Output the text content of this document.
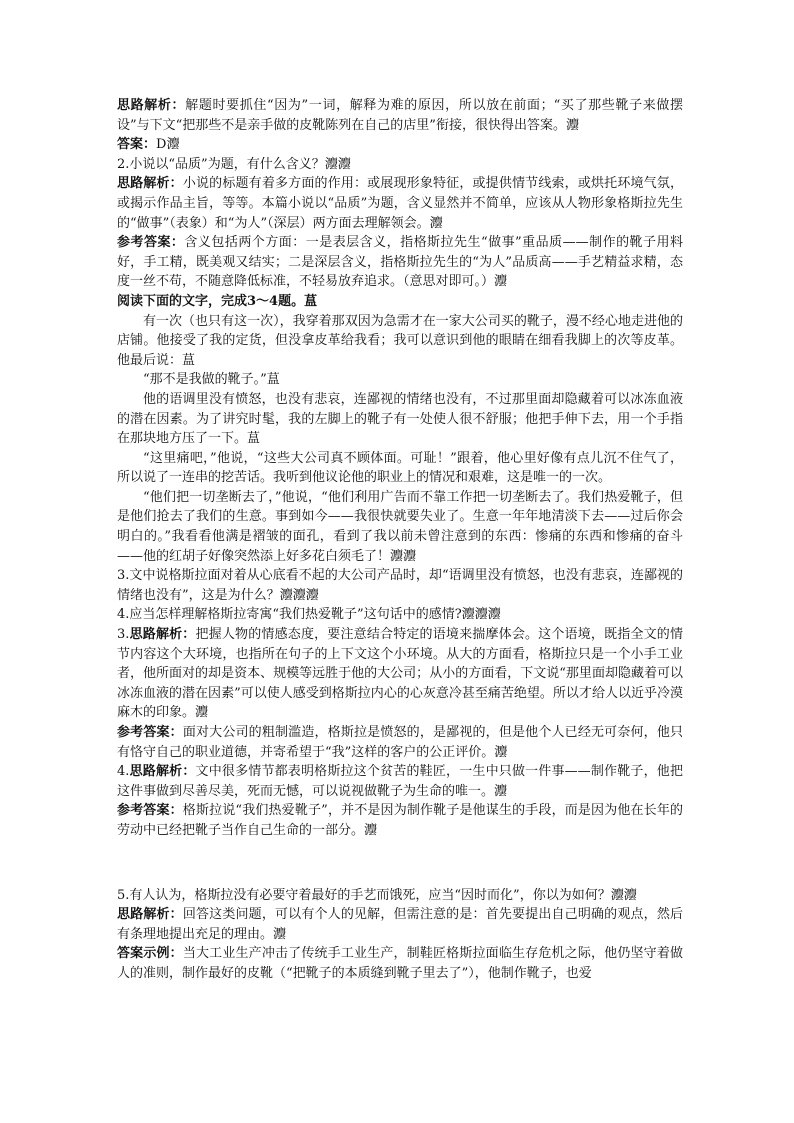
思路解析：解题时要抓住“因为”一词，解释为难的原因，所以放在前面；“买了那些靴子来做摆设”与下文“把那些不是亲手做的皮靴陈列在自己的店里”衔接，很快得出答案。灋

答案：D灋

2.小说以“品质”为题，有什么含义？灋灋

思路解析：小说的标题有着多方面的作用：或展现形象特征，或提供情节线索，或烘托环境气氛，或揭示作品主旨，等等。本篇小说以“品质”为题，含义显然并不简单，应该从人物形象格斯拉先生的“做事”（表象）和“为人”（深层）两方面去理解领会。灋

参考答案：含义包括两个方面：一是表层含义，指格斯拉先生“做事”重品质——制作的靴子用料好，手工精，既美观又结实；二是深层含义，指格斯拉先生的“为人”品质高——手艺精益求精，态度一丝不苟，不随意降低标准，不轻易放弃追求。（意思对即可。）灋

阅读下面的文字，完成3～4题。蒀

有一次（也只有这一次），我穿着那双因为急需才在一家大公司买的靴子，漫不经心地走进他的店铺。他接受了我的定货，但没拿皮革给我看；我可以意识到他的眼睛在细看我脚上的次等皮革。他最后说：蒀

“那不是我做的靴子。”蒀

他的语调里没有愤怒，也没有悲哀，连鄙视的情绪也没有，不过那里面却隐藏着可以冰冻血液的潜在因素。为了讲究时髦，我的左脚上的靴子有一处使人很不舒服；他把手伸下去，用一个手指在那块地方压了一下。蒀

“这里痛吧，”他说，“这些大公司真不顾体面。可耻！”跟着，他心里好像有点儿沉不住气了，所以说了一连串的挖苦话。我听到他议论他的职业上的情况和艰难，这是唯一的一次。

“他们把一切垄断去了，”他说，“他们利用广告而不靠工作把一切垄断去了。我们热爱靴子，但是他们抢去了我们的生意。事到如今——我很快就要失业了。生意一年年地清淡下去——过后你会明白的。”我看看他满是褶皱的面孔，看到了我以前未曾注意到的东西：惨痛的东西和惨痛的奋斗——他的红胡子好像突然添上好多花白须毛了！灋灋

3.文中说格斯拉面对着从心底看不起的大公司产品时，却“语调里没有愤怒，也没有悲哀，连鄙视的情绪也没有”，这是为什么？灋灋灋

4.应当怎样理解格斯拉寄寓“我们热爱靴子”这句话中的感情?灋灋灋

3.思路解析：把握人物的情感态度，要注意结合特定的语境来揣摩体会。这个语境，既指全文的情节内容这个大环境，也指所在句子的上下文这个小环境。从大的方面看，格斯拉只是一个小手工业者，他所面对的却是资本、规模等远胜于他的大公司；从小的方面看，下文说“那里面却隐藏着可以冰冻血液的潜在因素”可以使人感受到格斯拉内心的心灰意冷甚至痛苦绝望。所以才给人以近乎冷漠麻木的印象。灋

参考答案：面对大公司的粗制滥造，格斯拉是愤怒的，是鄙视的，但是他个人已经无可奈何，他只有恪守自己的职业道德，并寄希望于“我”这样的客户的公正评价。灋

4.思路解析：文中很多情节都表明格斯拉这个贫苦的鞋匠，一生中只做一件事——制作靴子，他把这件事做到尽善尽美，死而无憾，可以说视做靴子为生命的唯一。灋

参考答案：格斯拉说“我们热爱靴子”，并不是因为制作靴子是他谋生的手段，而是因为他在长年的劳动中已经把靴子当作自己生命的一部分。灋

5.有人认为，格斯拉没有必要守着最好的手艺而饿死，应当“因时而化”，你以为如何？灋灋

思路解析：回答这类问题，可以有个人的见解，但需注意的是：首先要提出自己明确的观点，然后有条理地提出充足的理由。灋

答案示例：当大工业生产冲击了传统手工业生产，制鞋匠格斯拉面临生存危机之际，他仍坚守着做人的准则，制作最好的皮靴（“把靴子的本质缝到靴子里去了”），他制作靴子，也爱
